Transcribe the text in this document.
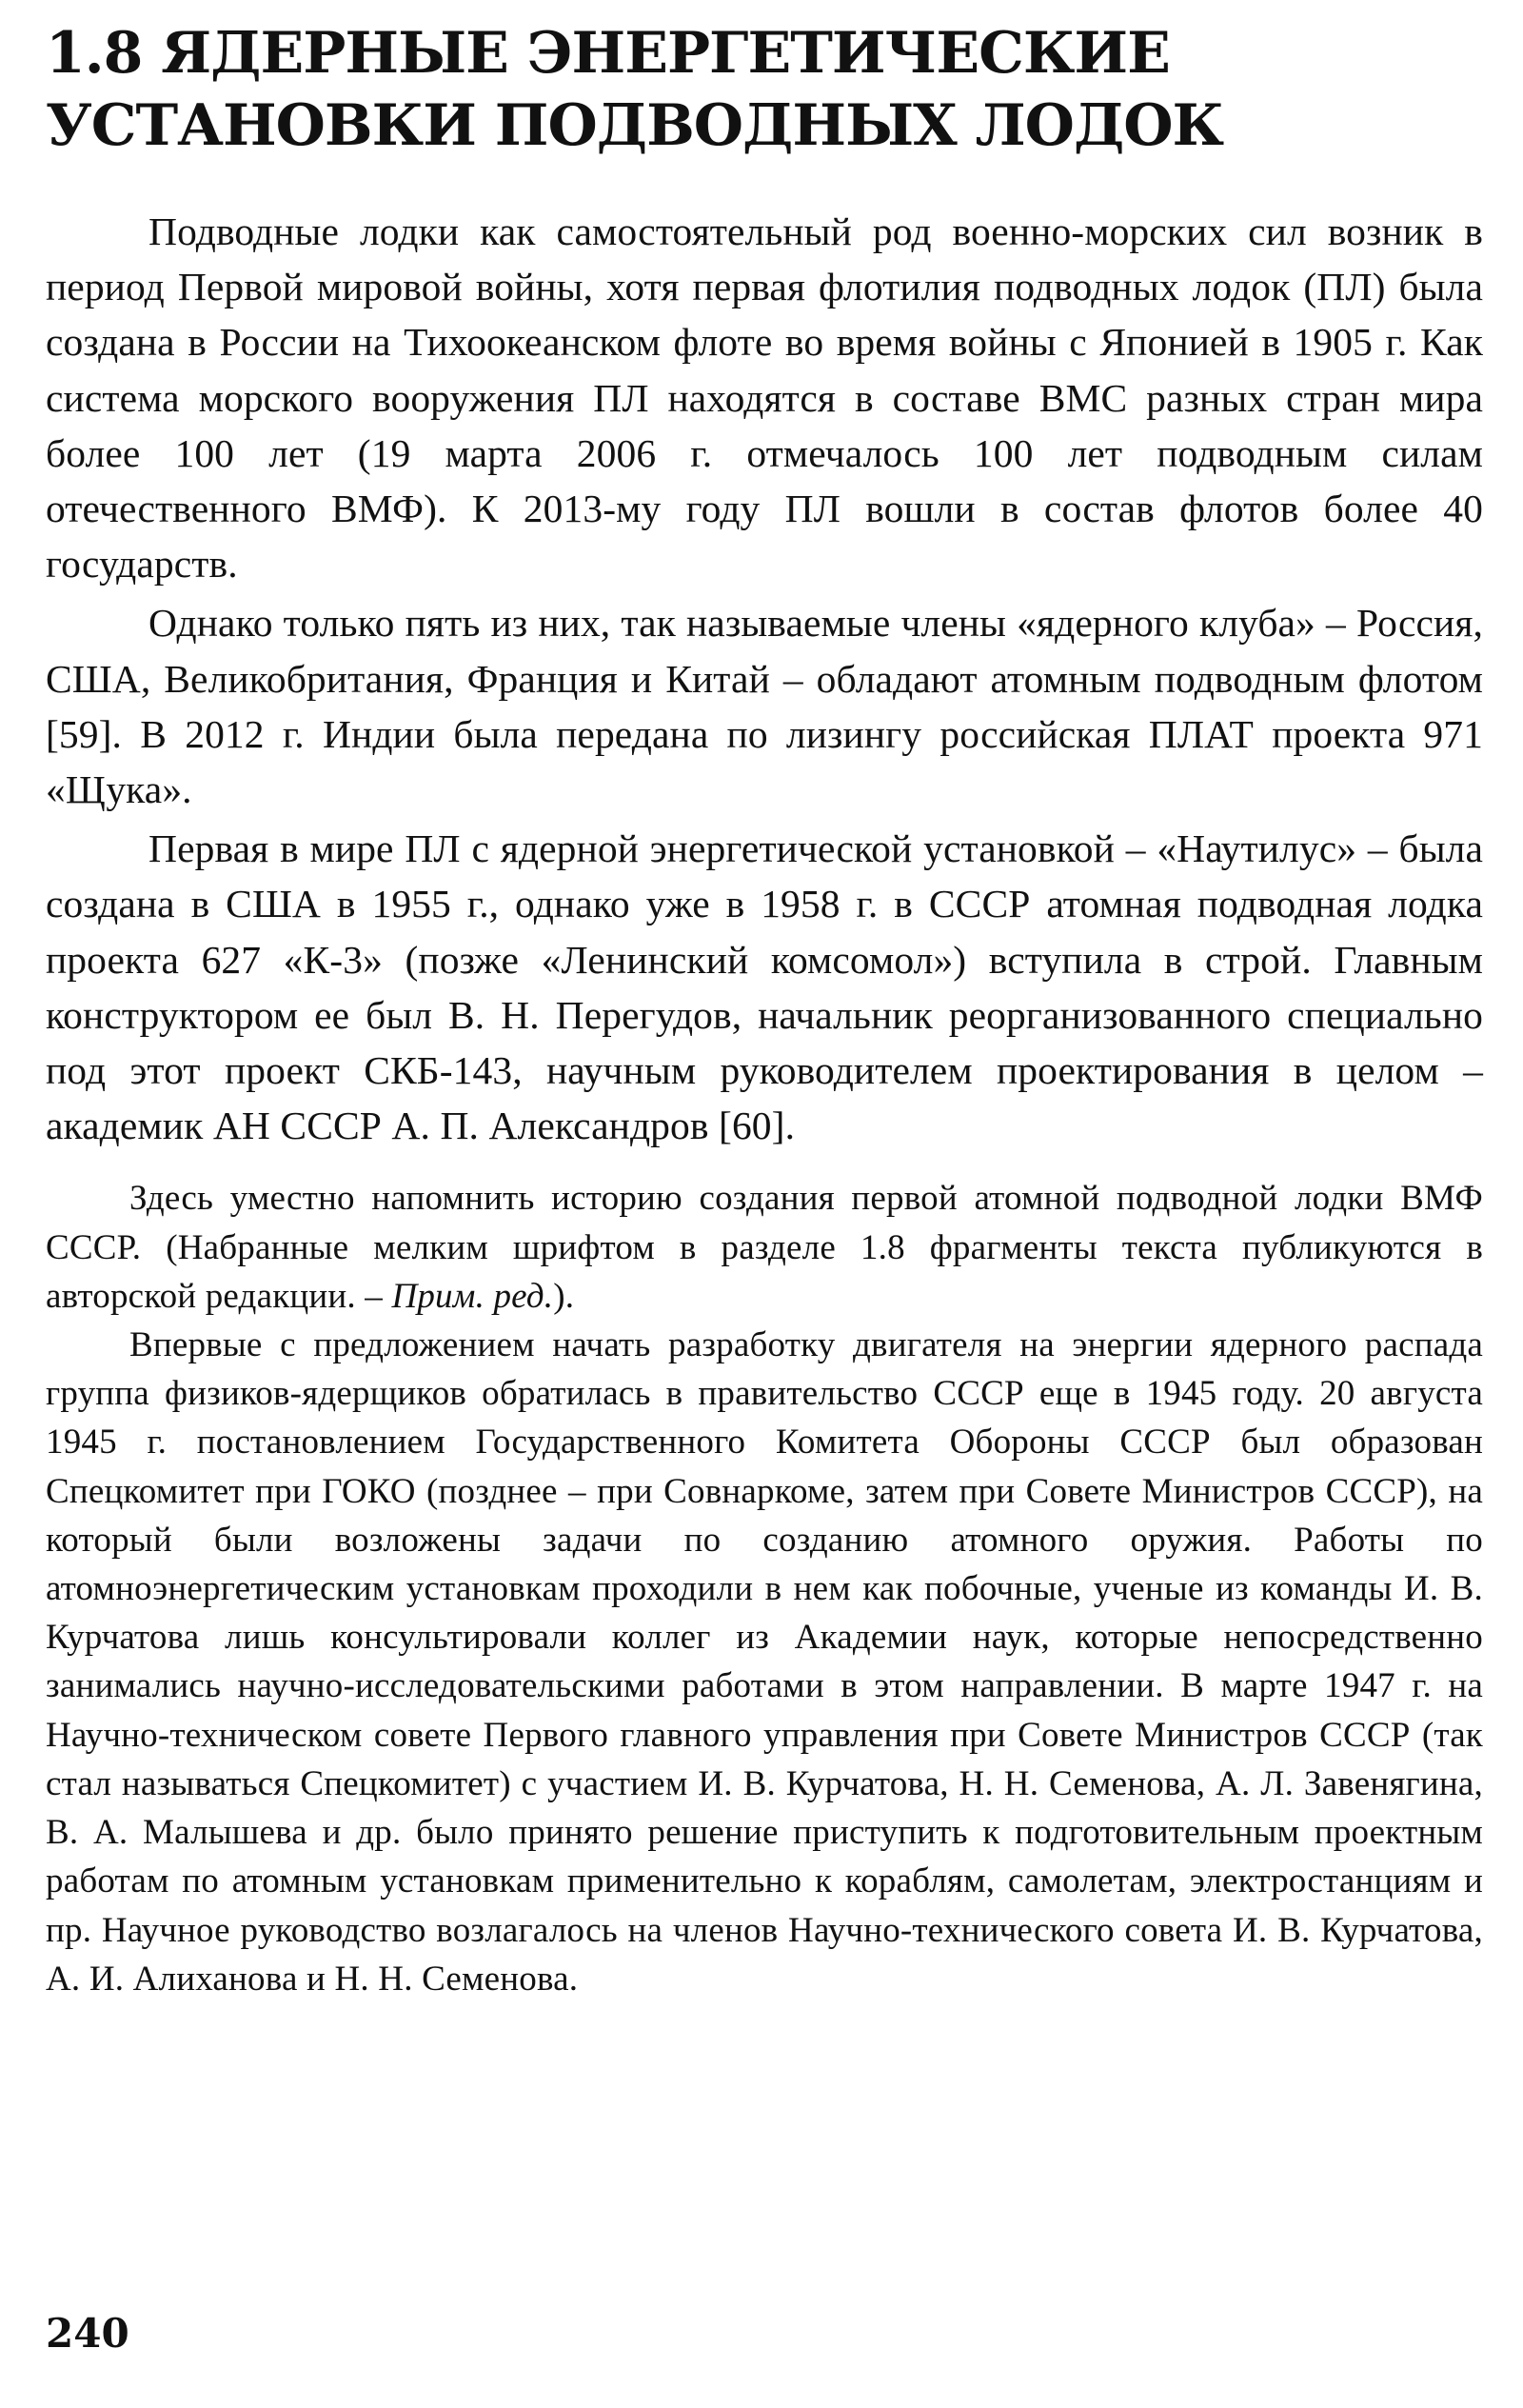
1.8 ЯДЕРНЫЕ ЭНЕРГЕТИЧЕСКИЕ УСТАНОВКИ ПОДВОДНЫХ ЛОДОК

Подводные лодки как самостоятельный род военно-морских сил возник в период Первой мировой войны, хотя первая флотилия подводных лодок (ПЛ) была создана в России на Тихоокеанском флоте во время войны с Японией в 1905 г. Как система морского вооружения ПЛ находятся в составе ВМС разных стран мира более 100 лет (19 марта 2006 г. отмечалось 100 лет подводным силам отечественного ВМФ). К 2013-му году ПЛ вошли в состав флотов более 40 государств.

Однако только пять из них, так называемые члены «ядерного клуба» – Россия, США, Великобритания, Франция и Китай – обладают атомным подводным флотом [59]. В 2012 г. Индии была передана по лизингу российская ПЛАТ проекта 971 «Щука».

Первая в мире ПЛ с ядерной энергетической установкой – «Наутилус» – была создана в США в 1955 г., однако уже в 1958 г. в СССР атомная подводная лодка проекта 627 «К-3» (позже «Ленинский комсомол») вступила в строй. Главным конструктором ее был В. Н. Перегудов, начальник реорганизованного специально под этот проект СКБ-143, научным руководителем проектирования в целом – академик АН СССР А. П. Александров [60].

Здесь уместно напомнить историю создания первой атомной подводной лодки ВМФ СССР. (Набранные мелким шрифтом в разделе 1.8 фрагменты текста публикуются в авторской редакции. – Прим. ред.).

Впервые с предложением начать разработку двигателя на энергии ядерного распада группа физиков-ядерщиков обратилась в правительство СССР еще в 1945 году. 20 августа 1945 г. постановлением Государственного Комитета Обороны СССР был образован Спецкомитет при ГОКО (позднее – при Совнаркоме, затем при Совете Министров СССР), на который были возложены задачи по созданию атомного оружия. Работы по атомноэнергетическим установкам проходили в нем как побочные, ученые из команды И. В. Курчатова лишь консультировали коллег из Академии наук, которые непосредственно занимались научно-исследовательскими работами в этом направлении. В марте 1947 г. на Научно-техническом совете Первого главного управления при Совете Министров СССР (так стал называться Спецкомитет) с участием И. В. Курчатова, Н. Н. Семенова, А. Л. Завенягина, В. А. Малышева и др. было принято решение приступить к подготовительным проектным работам по атомным установкам применительно к кораблям, самолетам, электростанциям и пр. Научное руководство возлагалось на членов Научно-технического совета И. В. Курчатова, А. И. Алиханова и Н. Н. Семенова.

240
